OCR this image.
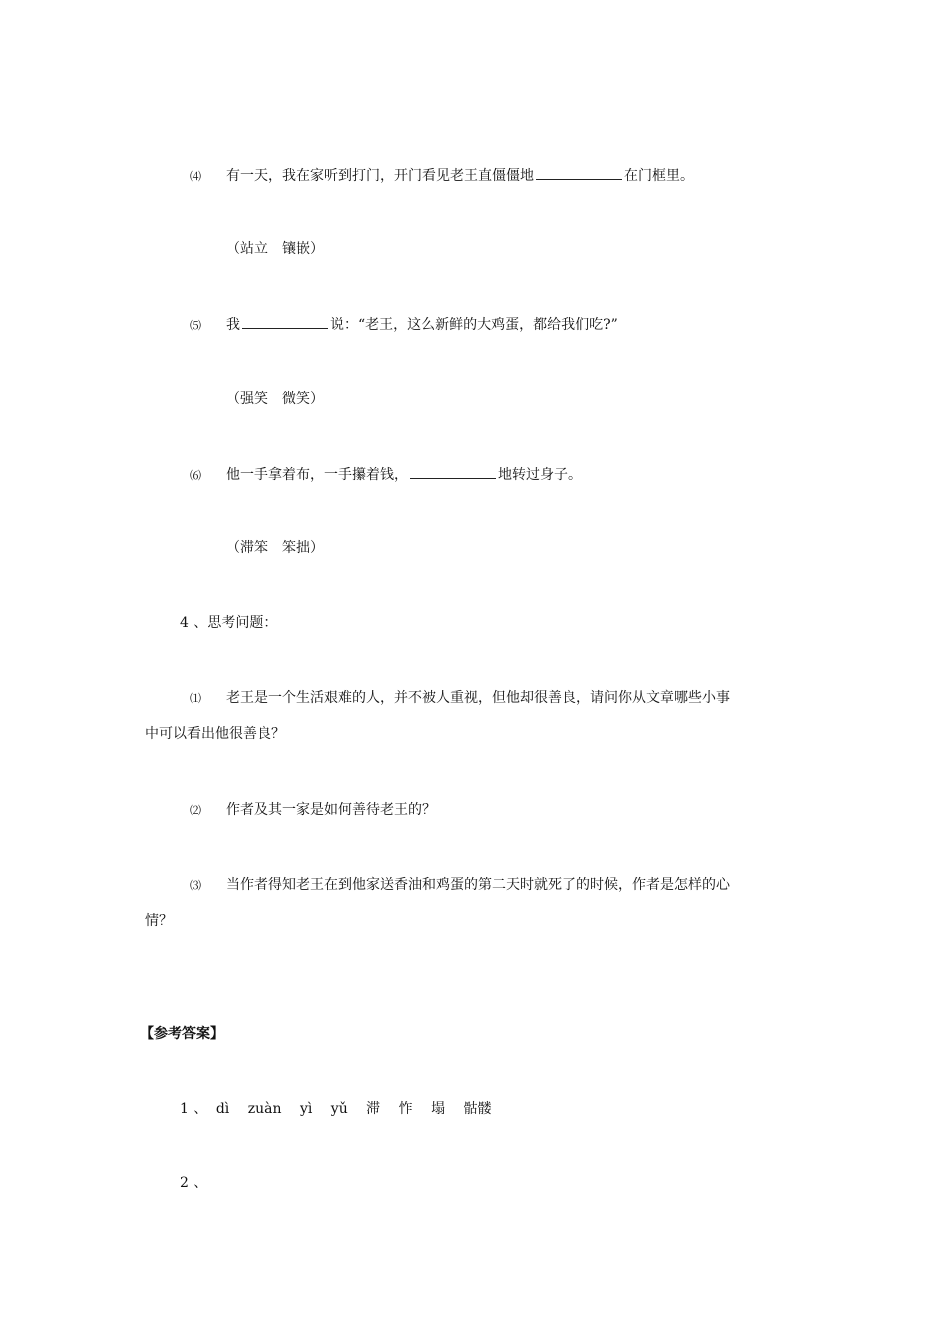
⑷ 有一天，我在家听到打门，开门看见老王直僵僵地	在门框里。
（站立　镶嵌）
⑸ 我	说：“老王，这么新鲜的大鸡蛋，都给我们吃?”
（强笑　微笑）
⑹ 他一手拿着布，一手攥着钱，	地转过身子。
（滞笨　笨拙）
4 、思考问题：
⑴ 老王是一个生活艰难的人，并不被人重视，但他却很善良，请问你从文章哪些小事
中可以看出他很善良？
⑵ 作者及其一家是如何善待老王的？
⑶ 当作者得知老王在到他家送香油和鸡蛋的第二天时就死了的时候，作者是怎样的心
情？
【参考答案】
1 、 dì zuàn yì yǔ 滞 怍 塌 骷髅
2 、
